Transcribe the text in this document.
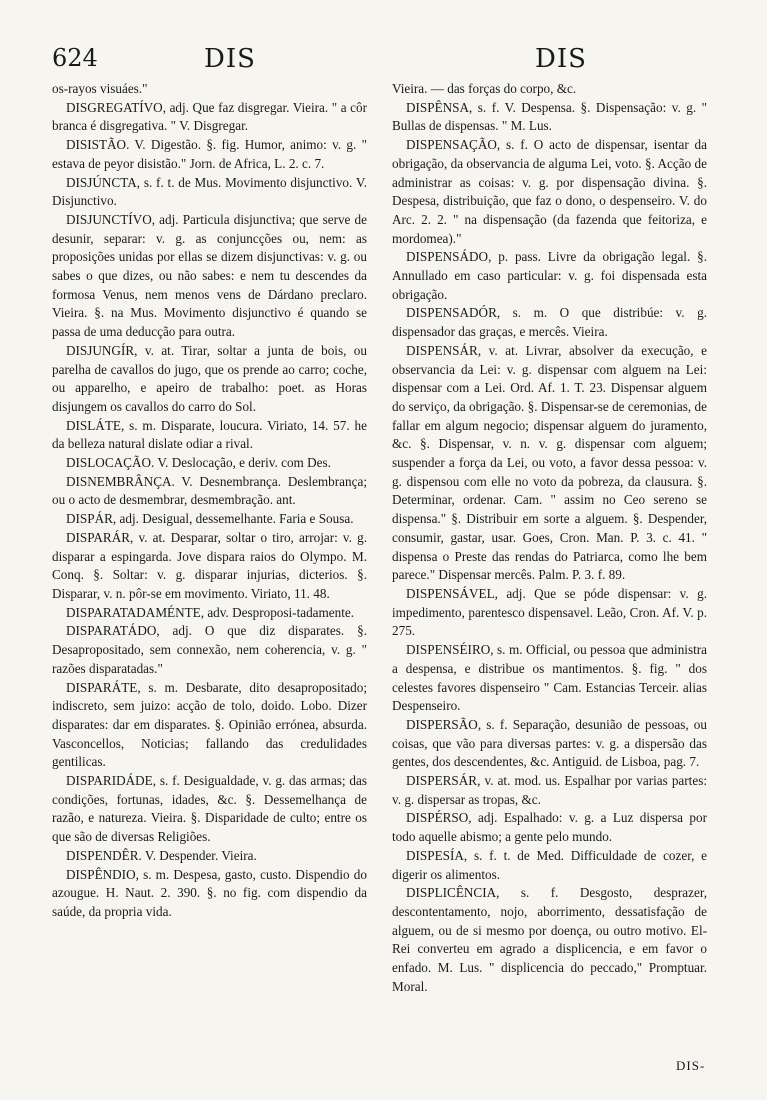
624	DIS	DIS

os-rayos visuáes."

DISGREGATÍVO, adj. Que faz disgregar. Vieira. " a côr branca é disgregativa. " V. Disgregar.

DISISTÃO. V. Digestão. §. fig. Humor, animo: v. g. " estava de peyor disistão." Jorn. de Africa, L. 2. c. 7.

DISJÚNCTA, s. f. t. de Mus. Movimento disjunctivo. V. Disjunctivo.

DISJUNCTÍVO, adj. Particula disjunctiva; que serve de desunir, separar: v. g. as conjuncções ou, nem: as proposições unidas por ellas se dizem disjunctivas: v. g. ou sabes o que dizes, ou não sabes: e nem tu descendes da formosa Venus, nem menos vens de Dárdano preclaro. Vieira. §. na Mus. Movimento disjunctivo é quando se passa de uma deducção para outra.

DISJUNGÍR, v. at. Tirar, soltar a junta de bois, ou parelha de cavallos do jugo, que os prende ao carro; coche, ou apparelho, e apeiro de trabalho: poet. as Horas disjungem os cavallos do carro do Sol.

DISLÁTE, s. m. Disparate, loucura. Viriato, 14. 57. he da belleza natural dislate odiar a rival.

DISLOCAÇÃO. V. Deslocação, e deriv. com Des.

DISNEMBRÂNÇA. V. Desnembrança. Deslembrança; ou o acto de desmembrar, desmembração. ant.

DISPÁR, adj. Desigual, dessemelhante. Faria e Sousa.

DISPARÁR, v. at. Desparar, soltar o tiro, arrojar: v. g. disparar a espingarda. Jove dispara raios do Olympo. M. Conq. §. Soltar: v. g. disparar injurias, dicterios. §. Disparar, v. n. pôr-se em movimento. Viriato, 11. 48.

DISPARATADAMÉNTE, adv. Desproposi-tadamente.

DISPARATÁDO, adj. O que diz disparates. §. Desapropositado, sem connexão, nem coherencia, v. g. " razões disparatadas."

DISPARÁTE, s. m. Desbarate, dito desapropositado; indiscreto, sem juizo: acção de tolo, doido. Lobo. Dizer disparates: dar em disparates. §. Opinião errónea, absurda. Vasconcellos, Noticias; fallando das credulidades gentilicas.

DISPARIDÁDE, s. f. Desigualdade, v. g. das armas; das condições, fortunas, idades, &c. §. Dessemelhança de razão, e natureza. Vieira. §. Disparidade de culto; entre os que são de diversas Religiões.

DISPENDÊR. V. Despender. Vieira.

DISPÊNDIO, s. m. Despesa, gasto, custo. Dispendio do azougue. H. Naut. 2. 390. §. no fig. com dispendio da saúde, da propria vida.

Vieira. — das forças do corpo, &c.

DISPÊNSA, s. f. V. Despensa. §. Dispensação: v. g. " Bullas de dispensas. " M. Lus.

DISPENSAÇÃO, s. f. O acto de dispensar, isentar da obrigação, da observancia de alguma Lei, voto. §. Acção de administrar as coisas: v. g. por dispensação divina. §. Despesa, distribuição, que faz o dono, o despenseiro. V. do Arc. 2. 2. " na dispensação (da fazenda que feitoriza, e mordomea)."

DISPENSÁDO, p. pass. Livre da obrigação legal. §. Annullado em caso particular: v. g. foi dispensada esta obrigação.

DISPENSADÓR, s. m. O que distribúe: v. g. dispensador das graças, e mercês. Vieira.

DISPENSÁR, v. at. Livrar, absolver da execução, e observancia da Lei: v. g. dispensar com alguem na Lei: dispensar com a Lei. Ord. Af. 1. T. 23. Dispensar alguem do serviço, da obrigação. §. Dispensar-se de ceremonias, de fallar em algum negocio; dispensar alguem do juramento, &c. §. Dispensar, v. n. v. g. dispensar com alguem; suspender a força da Lei, ou voto, a favor dessa pessoa: v. g. dispensou com elle no voto da pobreza, da clausura. §. Determinar, ordenar. Cam. " assim no Ceo sereno se dispensa." §. Distribuir em sorte a alguem. §. Despender, consumir, gastar, usar. Goes, Cron. Man. P. 3. c. 41. " dispensa o Preste das rendas do Patriarca, como lhe bem parece." Dispensar mercês. Palm. P. 3. f. 89.

DISPENSÁVEL, adj. Que se póde dispensar: v. g. impedimento, parentesco dispensavel. Leão, Cron. Af. V. p. 275.

DISPENSÉIRO, s. m. Official, ou pessoa que administra a despensa, e distribue os mantimentos. §. fig. " dos celestes favores dispenseiro " Cam. Estancias Terceir. alias Despenseiro.

DISPERSÃO, s. f. Separação, desunião de pessoas, ou coisas, que vão para diversas partes: v. g. a dispersão das gentes, dos descendentes, &c. Antiguid. de Lisboa, pag. 7.

DISPERSÁR, v. at. mod. us. Espalhar por varias partes: v. g. dispersar as tropas, &c.

DISPÉRSO, adj. Espalhado: v. g. a Luz dispersa por todo aquelle abismo; a gente pelo mundo.

DISPESÍA, s. f. t. de Med. Difficuldade de cozer, e digerir os alimentos.

DISPLICÊNCIA, s. f. Desgosto, desprazer, descontentamento, nojo, aborrimento, dessatisfação de alguem, ou de si mesmo por doença, ou outro motivo. El-Rei converteu em agrado a displicencia, e em favor o enfado. M. Lus. " displicencia do peccado," Promptuar. Moral.

DIS-
